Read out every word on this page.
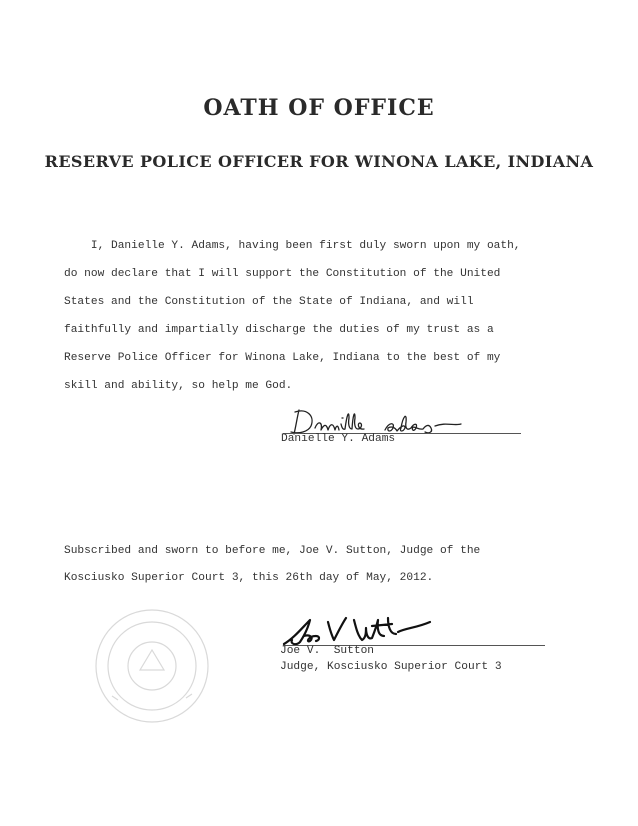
OATH OF OFFICE
RESERVE POLICE OFFICER FOR WINONA LAKE, INDIANA
I, Danielle Y. Adams, having been first duly sworn upon my oath,
do now declare that I will support the Constitution of the United
States and the Constitution of the State of Indiana, and will
faithfully and impartially discharge the duties of my trust as a
Reserve Police Officer for Winona Lake, Indiana to the best of my
skill and ability, so help me God.
Danielle Y. Adams
Subscribed and sworn to before me, Joe V. Sutton, Judge of the
Kosciusko Superior Court 3, this 26th day of May, 2012.
Joe V.  Sutton
Judge, Kosciusko Superior Court 3
